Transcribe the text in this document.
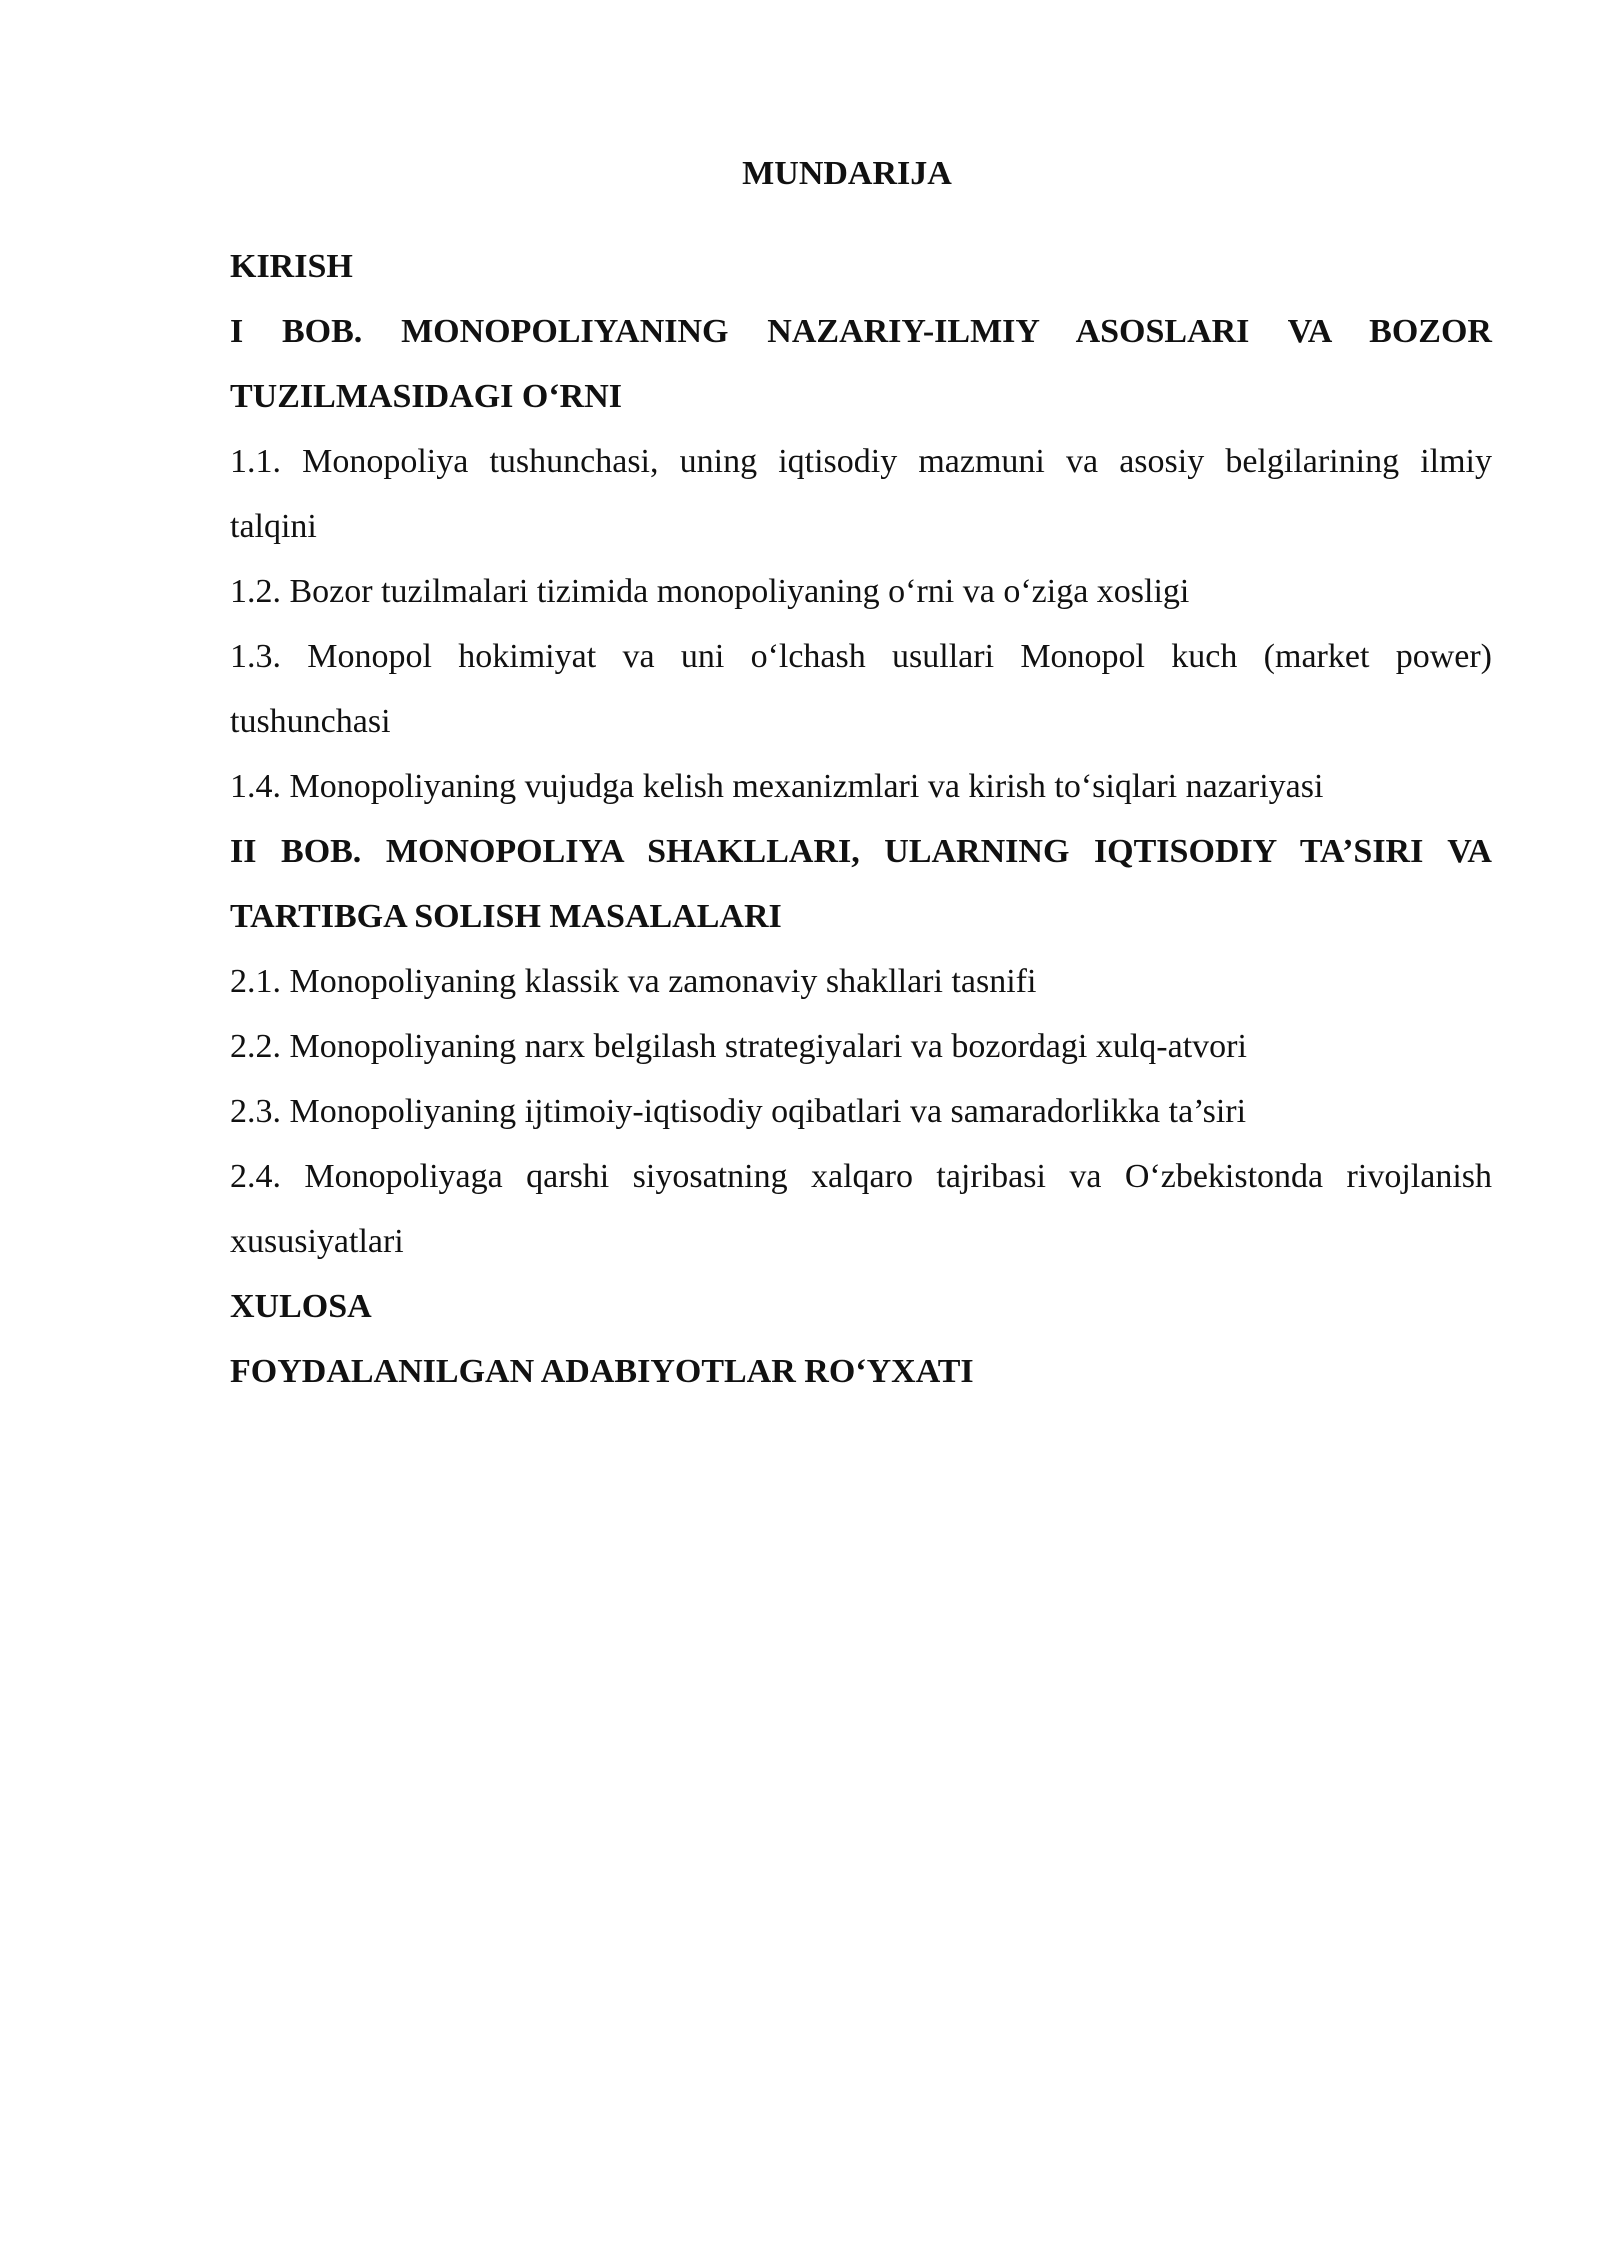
MUNDARIJA

KIRISH

I BOB. MONOPOLIYANING NAZARIY-ILMIY ASOSLARI VA BOZOR
TUZILMASIDAGI O‘RNI

1.1. Monopoliya tushunchasi, uning iqtisodiy mazmuni va asosiy belgilarining ilmiy
talqini

1.2. Bozor tuzilmalari tizimida monopoliyaning o‘rni va o‘ziga xosligi

1.3. Monopol hokimiyat va uni o‘lchash usullari Monopol kuch (market power)
tushunchasi

1.4. Monopoliyaning vujudga kelish mexanizmlari va kirish to‘siqlari nazariyasi

II BOB. MONOPOLIYA SHAKLLARI, ULARNING IQTISODIY TA’SIRI VA
TARTIBGA SOLISH MASALALARI

2.1. Monopoliyaning klassik va zamonaviy shakllari tasnifi

2.2. Monopoliyaning narx belgilash strategiyalari va bozordagi xulq-atvori

2.3. Monopoliyaning ijtimoiy-iqtisodiy oqibatlari va samaradorlikka ta’siri

2.4. Monopoliyaga qarshi siyosatning xalqaro tajribasi va O‘zbekistonda rivojlanish
xususiyatlari

XULOSA

FOYDALANILGAN ADABIYOTLAR RO‘YXATI
